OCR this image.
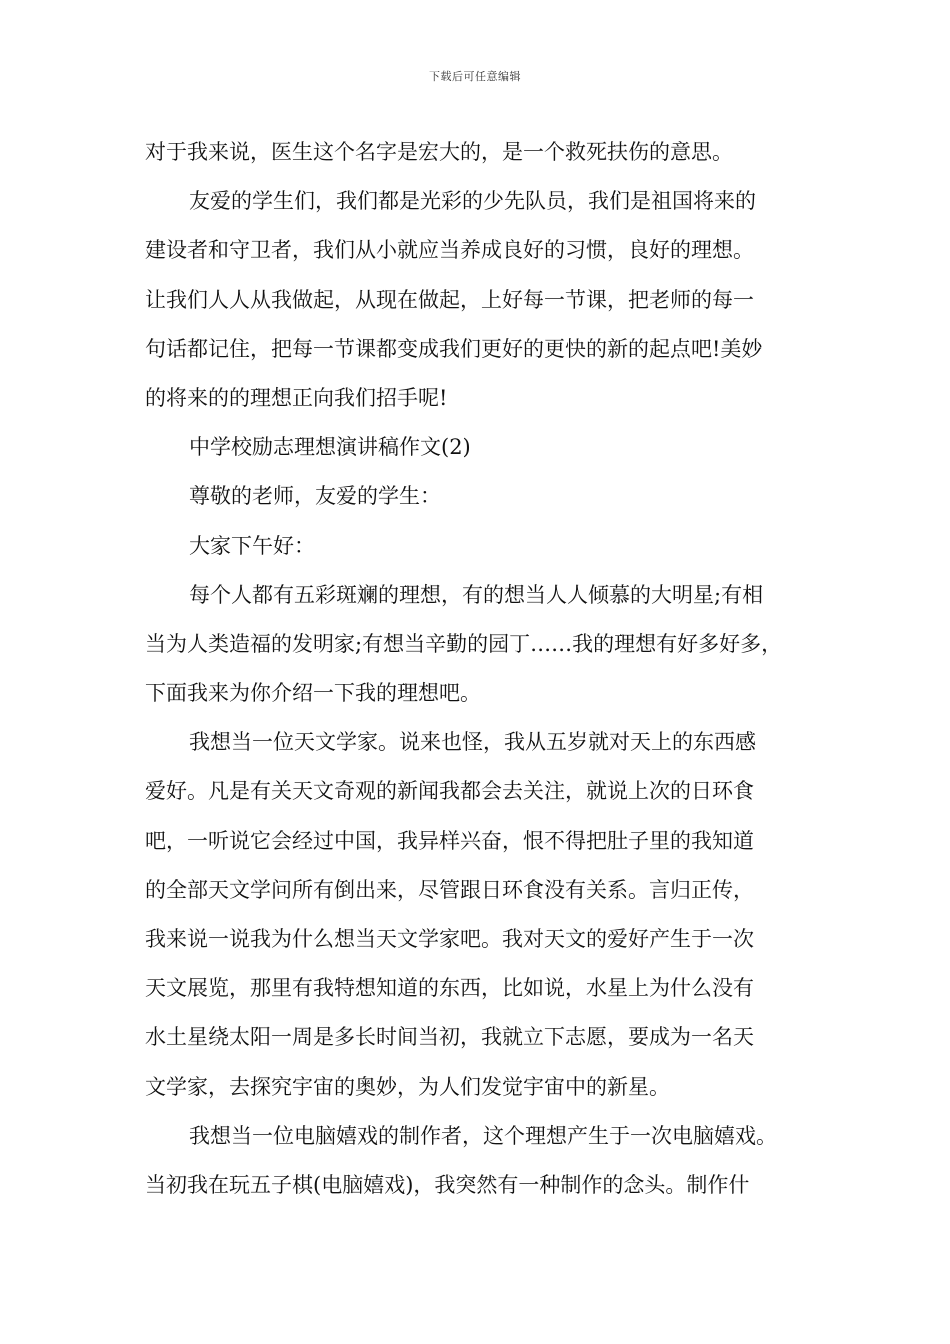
下载后可任意编辑
对于我来说，医生这个名字是宏大的，是一个救死扶伤的意思。
友爱的学生们，我们都是光彩的少先队员，我们是祖国将来的
建设者和守卫者，我们从小就应当养成良好的习惯，良好的理想。
让我们人人从我做起，从现在做起，上好每一节课，把老师的每一
句话都记住，把每一节课都变成我们更好的更快的新的起点吧!美妙
的将来的的理想正向我们招手呢!
中学校励志理想演讲稿作文(2)
尊敬的老师，友爱的学生：
大家下午好：
每个人都有五彩斑斓的理想，有的想当人人倾慕的大明星;有相
当为人类造福的发明家;有想当辛勤的园丁……我的理想有好多好多，
下面我来为你介绍一下我的理想吧。
我想当一位天文学家。说来也怪，我从五岁就对天上的东西感
爱好。凡是有关天文奇观的新闻我都会去关注，就说上次的日环食
吧，一听说它会经过中国，我异样兴奋，恨不得把肚子里的我知道
的全部天文学问所有倒出来，尽管跟日环食没有关系。言归正传，
我来说一说我为什么想当天文学家吧。我对天文的爱好产生于一次
天文展览，那里有我特想知道的东西，比如说，水星上为什么没有
水土星绕太阳一周是多长时间当初，我就立下志愿，要成为一名天
文学家，去探究宇宙的奥妙，为人们发觉宇宙中的新星。
我想当一位电脑嬉戏的制作者，这个理想产生于一次电脑嬉戏。
当初我在玩五子棋(电脑嬉戏)，我突然有一种制作的念头。制作什
